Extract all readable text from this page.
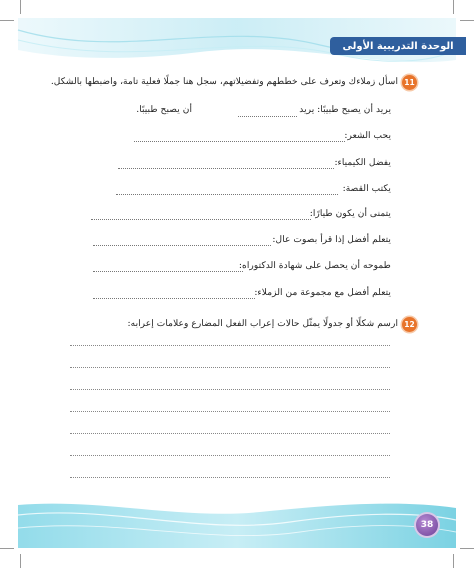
الوحدة التدريبية الأولى
11
اسأل زملاءك وتعرف على خططهم وتفضيلاتهم، سجل هنا جملًا فعلية تامة، واضبطها بالشكل.
يريد أن يصبح طبيبًا: يريد
أن يصبح طبيبًا.
يحب الشعر:
يفضل الكيمياء:
يكتب القصة:
يتمنى أن يكون طيارًا:
يتعلم أفضل إذا قرأ بصوت عال:
طموحه أن يحصل على شهادة الدكتوراه:
يتعلم أفضل مع مجموعة من الزملاء:
12
ارسم شكلًا أو جدولًا يمثّل حالات إعراب الفعل المضارع وعلامات إعرابه:
38
